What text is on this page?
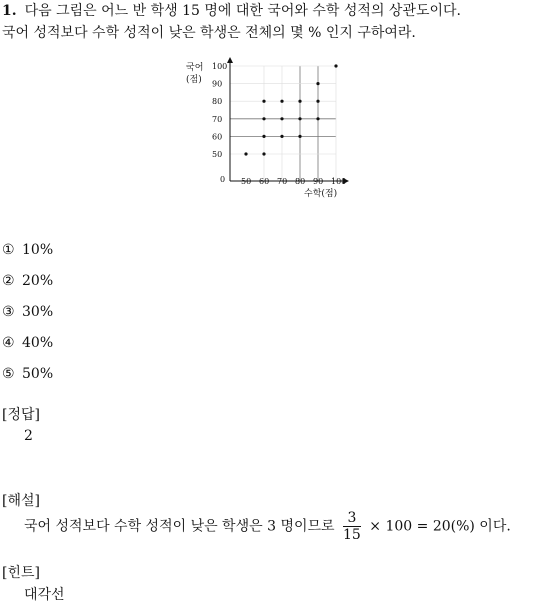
1. 다음 그림은 어느 반 학생 15 명에 대한 국어와 수학 성적의 상관도이다.
국어 성적보다 수학 성적이 낮은 학생은 전체의 몇 % 인지 구하여라.
국어
(점)
수학(점)
0 50 60 70 80 90 100
50
60
70
80
90
100
① 10%
② 20%
③ 30%
④ 40%
⑤ 50%
[정답]
2
[해설]
국어 성적보다 수학 성적이 낮은 학생은 3 명이므로 $\frac{3}{15} \times 100 = 20(\%)$ 이다.
[힌트]
대각선
